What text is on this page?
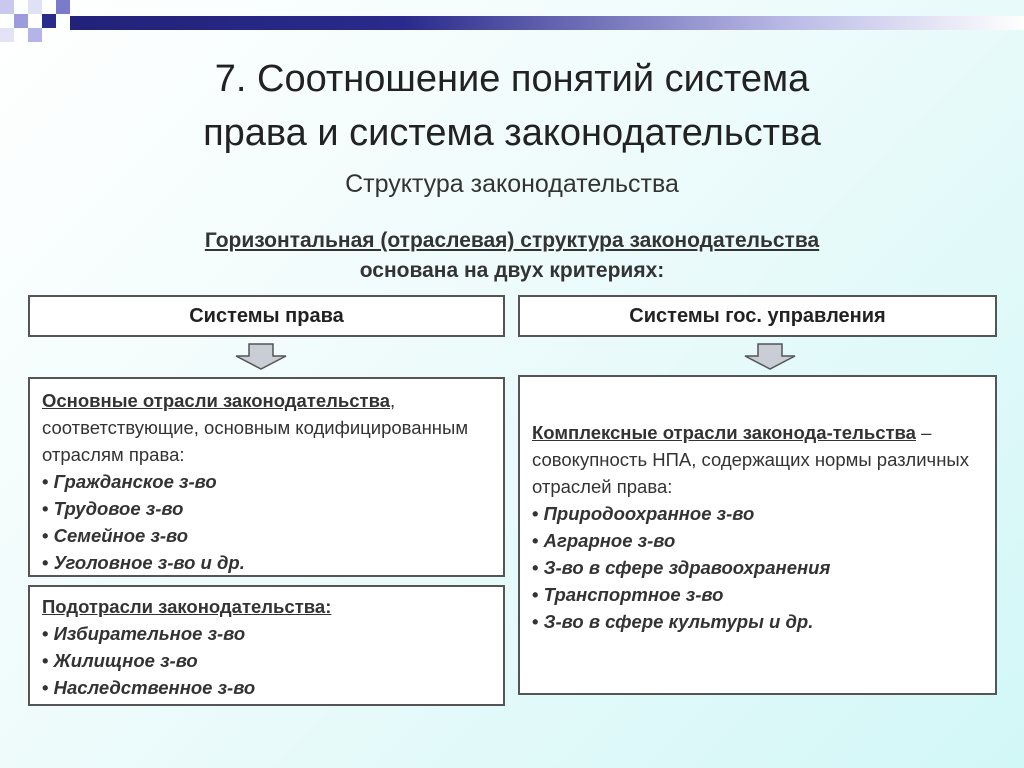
7. Соотношение понятий система
права и система законодательства
Структура законодательства
Горизонтальная (отраслевая) структура законодательства
основана на двух критериях:
Системы права	Системы гос. управления
Основные отрасли законодательства, соответствующие, основным кодифицированным отраслям права:
• Гражданское з-во
• Трудовое з-во
• Семейное з-во
• Уголовное з-во и др.
Подотрасли законодательства:
• Избирательное з-во
• Жилищное з-во
• Наследственное з-во
Комплексные отрасли законода-тельства – совокупность НПА, содержащих нормы различных отраслей права:
• Природоохранное з-во
• Аграрное з-во
• З-во в сфере здравоохранения
• Транспортное з-во
• З-во в сфере культуры и др.
